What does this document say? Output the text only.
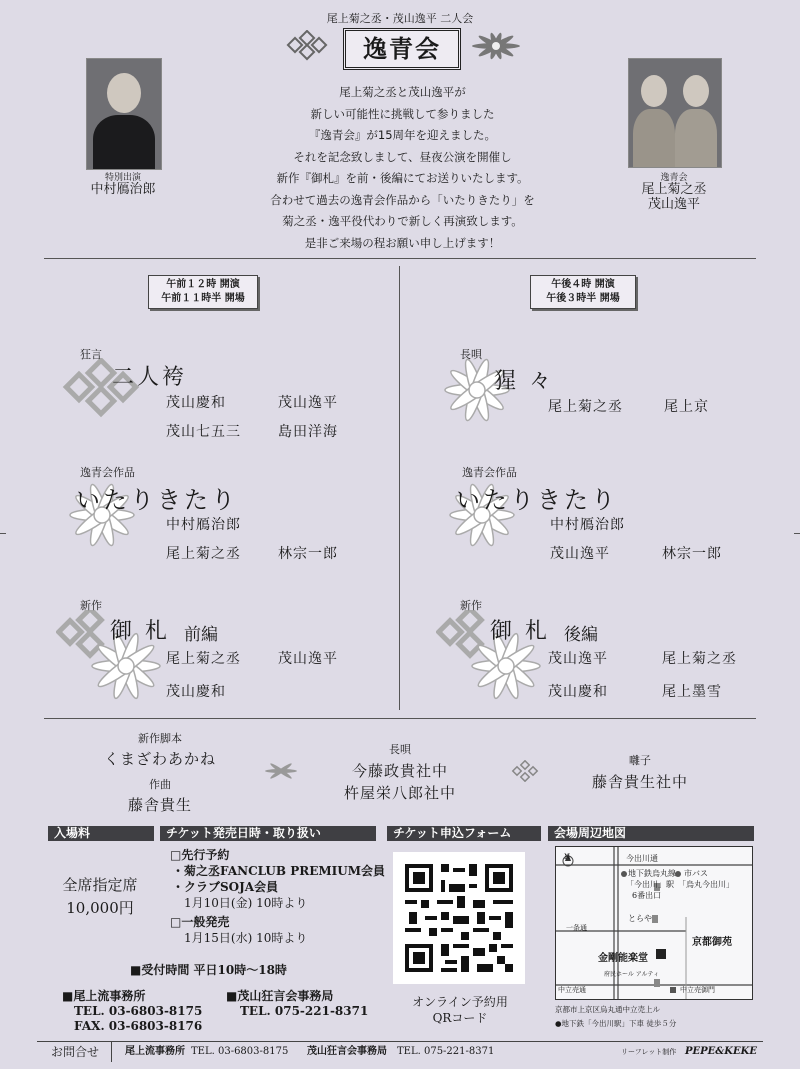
尾上菊之丞・茂山逸平 二人会
逸青会
特別出演
中村鴈治郎
逸青会
尾上菊之丞
茂山逸平
尾上菊之丞と茂山逸平が
新しい可能性に挑戦して参りました
『逸青会』が15周年を迎えました。
それを記念致しまして、昼夜公演を開催し
新作『御札』を前・後編にてお送りいたします。
合わせて過去の逸青会作品から「いたりきたり」を
菊之丞・逸平役代わりで新しく再演致します。
是非ご来場の程お願い申し上げます！
午前１２時 開演
午前１１時半 開場
午後４時 開演
午後３時半 開場
狂言
二人袴
茂山慶和	茂山逸平
茂山七五三	島田洋海
逸青会作品
いたりきたり
中村鴈治郎
尾上菊之丞	林宗一郎
新作
御 札 前編
尾上菊之丞	茂山逸平
茂山慶和
長唄
猩 々
尾上菊之丞	尾上京
逸青会作品
いたりきたり
中村鴈治郎
茂山逸平	林宗一郎
新作
御 札 後編
茂山逸平	尾上菊之丞
茂山慶和	尾上墨雪
新作脚本
くまざわあかね
作曲
藤舎貴生
長唄
今藤政貴社中
杵屋栄八郎社中
囃子
藤舎貴生社中
入場料	チケット発売日時・取り扱い	チケット申込フォーム	会場周辺地図
全席指定席
10,000円
□先行予約
・菊之丞FANCLUB PREMIUM会員
・クラブSOJA会員
1月10日(金) 10時より
□一般発売
1月15日(水) 10時より
■受付時間 平日10時〜18時
■尾上流事務所
TEL. 03-6803-8175
FAX. 03-6803-8176
■茂山狂言会事務局
TEL. 075-221-8371
オンライン予約用
QRコード
N	今出川通
地下鉄烏丸線
「今出川」駅
6番出口
市バス
「烏丸今出川」
とらや
一条通
金剛能楽堂
京都御苑
府民ホール アルティ
中立売通	中立売御門
京都市上京区烏丸通中立売上ル
●地下鉄「今出川駅」下車 徒歩５分
お問合せ	尾上流事務所 TEL. 03-6803-8175 茂山狂言会事務局 TEL. 075-221-8371	リーフレット制作 PEPE&KEKE
